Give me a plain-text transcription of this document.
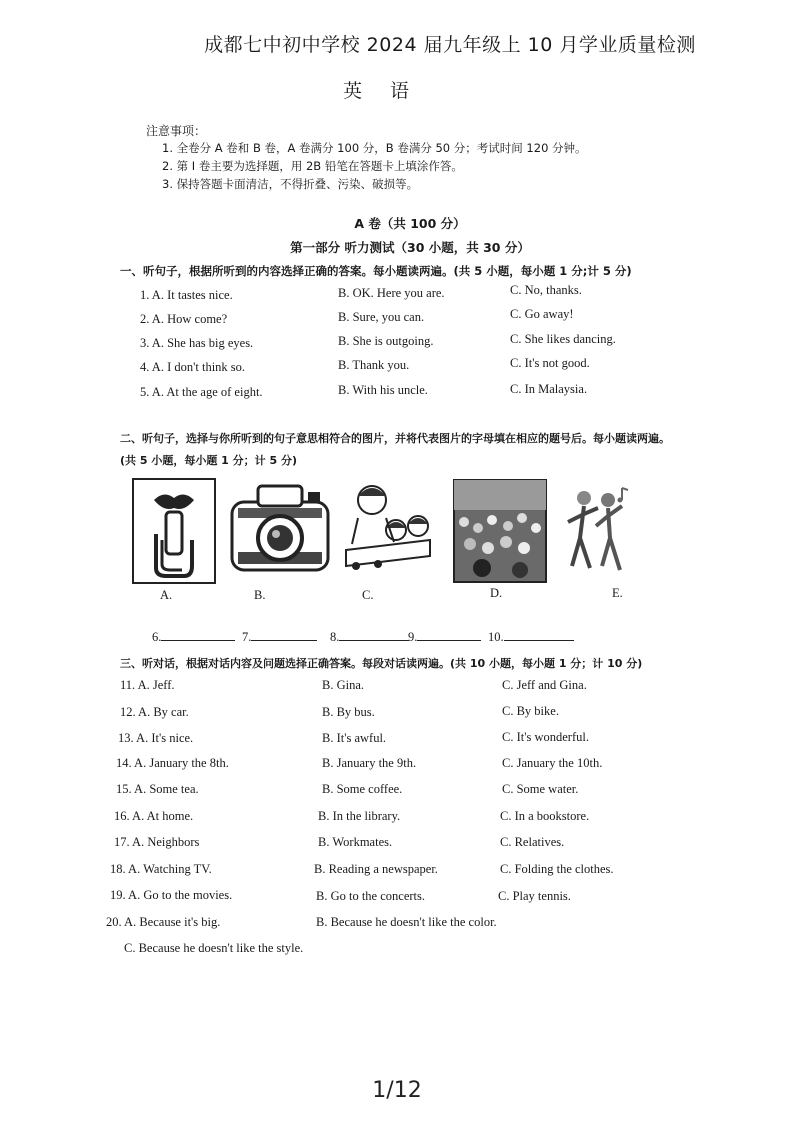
成都七中初中学校 2024 届九年级上 10 月学业质量检测
英语
注意事项：
1. 全卷分 A 卷和 B 卷，A 卷满分 100 分，B 卷满分 50 分；考试时间 120 分钟。
2. 第 I 卷主要为选择题，用 2B 铅笔在答题卡上填涂作答。
3. 保持答题卡面清洁，不得折叠、污染、破损等。
A 卷（共 100 分）
第一部分 听力测试（30 小题，共 30 分）
一、听句子，根据所听到的内容选择正确的答案。每小题读两遍。(共 5 小题，每小题 1 分;计 5 分)
1. A. It tastes nice.	B. OK. Here you are.	C. No, thanks.
2. A. How come?	B. Sure, you can.	C. Go away!
3. A. She has big eyes.	B. She is outgoing.	C. She likes dancing.
4. A. I don't think so.	B. Thank you.	C. It's not good.
5. A. At the age of eight.	B. With his uncle.	C. In Malaysia.
二、听句子，选择与你所听到的句子意思相符合的图片，并将代表图片的字母填在相应的题号后。每小题读两遍。
(共 5 小题，每小题 1 分；计 5 分)
A.	B.	C.	D.	E.
6.	7.	8.	9.	10.
三、听对话，根据对话内容及问题选择正确答案。每段对话读两遍。(共 10 小题，每小题 1 分；计 10 分)
11. A. Jeff.	B. Gina.	C. Jeff and Gina.
12. A. By car.	B. By bus.	C. By bike.
13. A. It's nice.	B. It's awful.	C. It's wonderful.
14. A. January the 8th.	B. January the 9th.	C. January the 10th.
15. A. Some tea.	B. Some coffee.	C. Some water.
16. A. At home.	B. In the library.	C. In a bookstore.
17. A. Neighbors	B. Workmates.	C. Relatives.
18. A. Watching TV.	B. Reading a newspaper.	C. Folding the clothes.
19. A. Go to the movies.	B. Go to the concerts.	C. Play tennis.
20. A. Because it's big.	B. Because he doesn't like the color.
C. Because he doesn't like the style.
1/12
